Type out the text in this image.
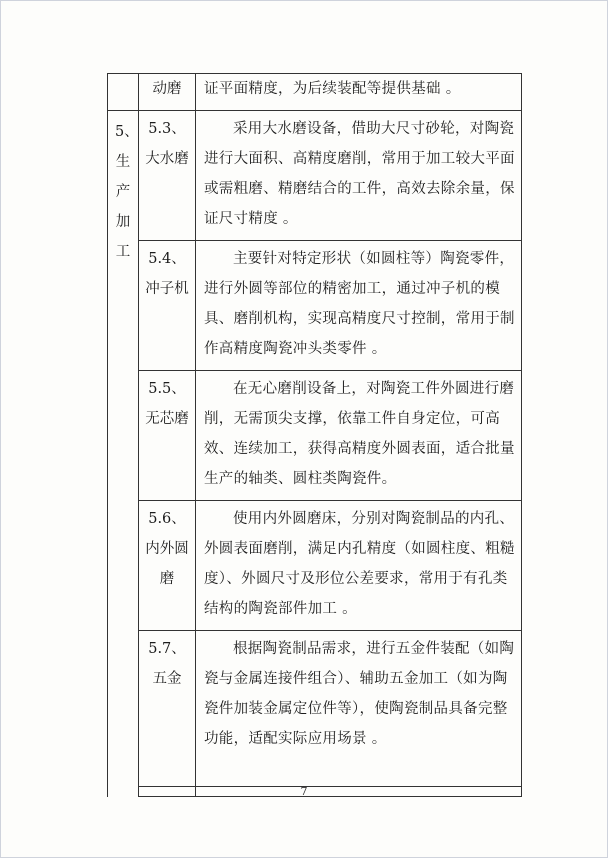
	动磨	证平面精度，为后续装配等提供基础 。
5、生产加工	5.3、大水磨	采用大水磨设备，借助大尺寸砂轮，对陶瓷进行大面积、高精度磨削，常用于加工较大平面或需粗磨、精磨结合的工件，高效去除余量，保证尺寸精度 。
	5.4、冲子机	主要针对特定形状（如圆柱等）陶瓷零件，进行外圆等部位的精密加工，通过冲子机的模具、磨削机构，实现高精度尺寸控制，常用于制作高精度陶瓷冲头类零件 。
	5.5、无芯磨	在无心磨削设备上，对陶瓷工件外圆进行磨削，无需顶尖支撑，依靠工件自身定位，可高效、连续加工，获得高精度外圆表面，适合批量生产的轴类、圆柱类陶瓷件。
	5.6、内外圆磨	使用内外圆磨床，分别对陶瓷制品的内孔、外圆表面磨削，满足内孔精度（如圆柱度、粗糙度）、外圆尺寸及形位公差要求，常用于有孔类结构的陶瓷部件加工 。
	5.7、五金	根据陶瓷制品需求，进行五金件装配（如陶瓷与金属连接件组合）、辅助五金加工（如为陶瓷件加装金属定位件等），使陶瓷制品具备完整功能，适配实际应用场景 。

7
